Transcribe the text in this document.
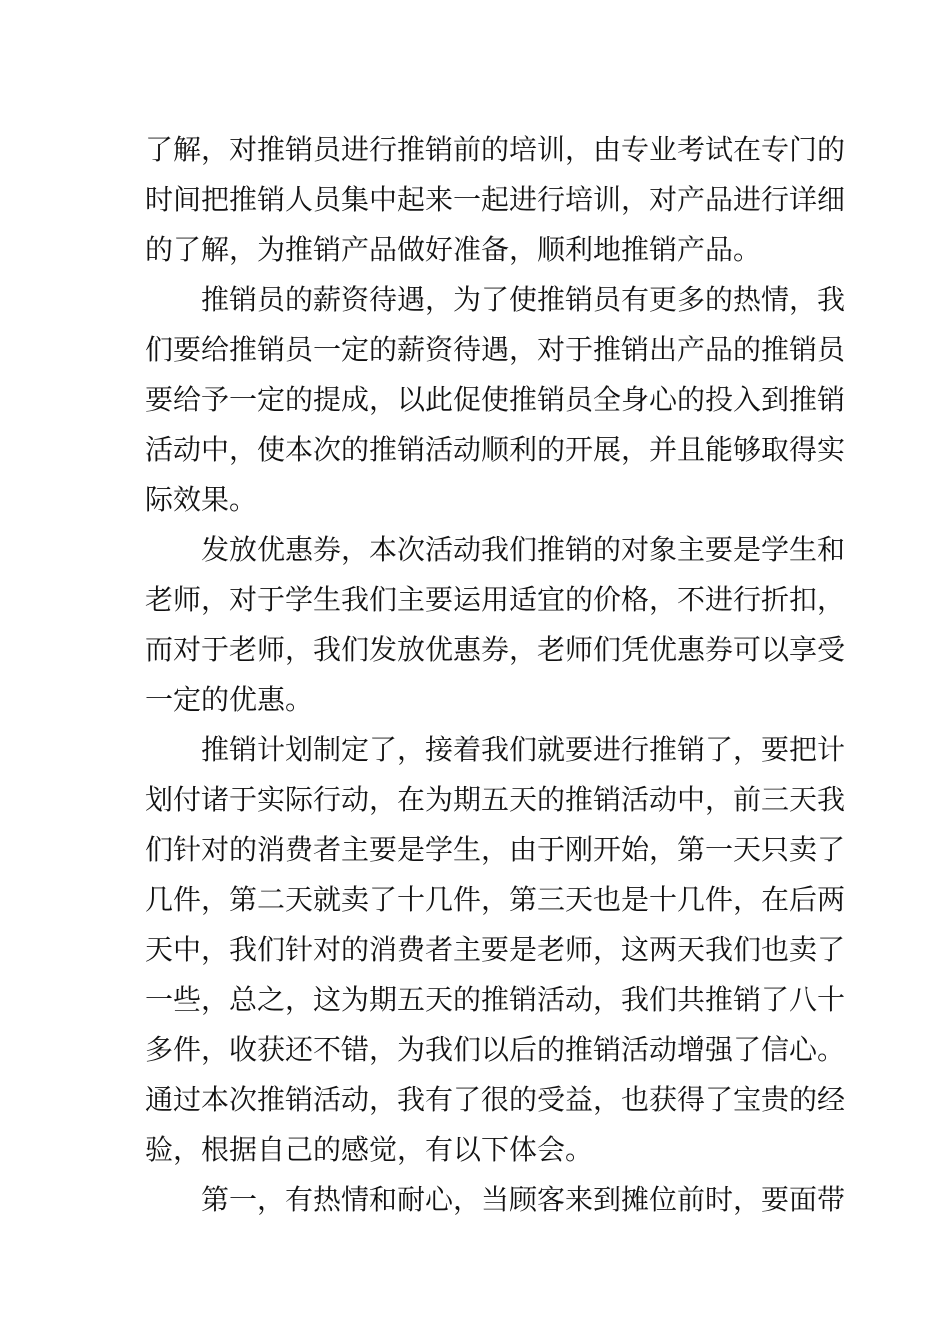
了解，对推销员进行推销前的培训，由专业考试在专门的
时间把推销人员集中起来一起进行培训，对产品进行详细
的了解，为推销产品做好准备，顺利地推销产品。
推销员的薪资待遇，为了使推销员有更多的热情，我
们要给推销员一定的薪资待遇，对于推销出产品的推销员
要给予一定的提成，以此促使推销员全身心的投入到推销
活动中，使本次的推销活动顺利的开展，并且能够取得实
际效果。
发放优惠券，本次活动我们推销的对象主要是学生和
老师，对于学生我们主要运用适宜的价格，不进行折扣，
而对于老师，我们发放优惠券，老师们凭优惠券可以享受
一定的优惠。
推销计划制定了，接着我们就要进行推销了，要把计
划付诸于实际行动，在为期五天的推销活动中，前三天我
们针对的消费者主要是学生，由于刚开始，第一天只卖了
几件，第二天就卖了十几件，第三天也是十几件，在后两
天中，我们针对的消费者主要是老师，这两天我们也卖了
一些，总之，这为期五天的推销活动，我们共推销了八十
多件，收获还不错，为我们以后的推销活动增强了信心。
通过本次推销活动，我有了很的受益，也获得了宝贵的经
验，根据自己的感觉，有以下体会。
第一，有热情和耐心，当顾客来到摊位前时，要面带
